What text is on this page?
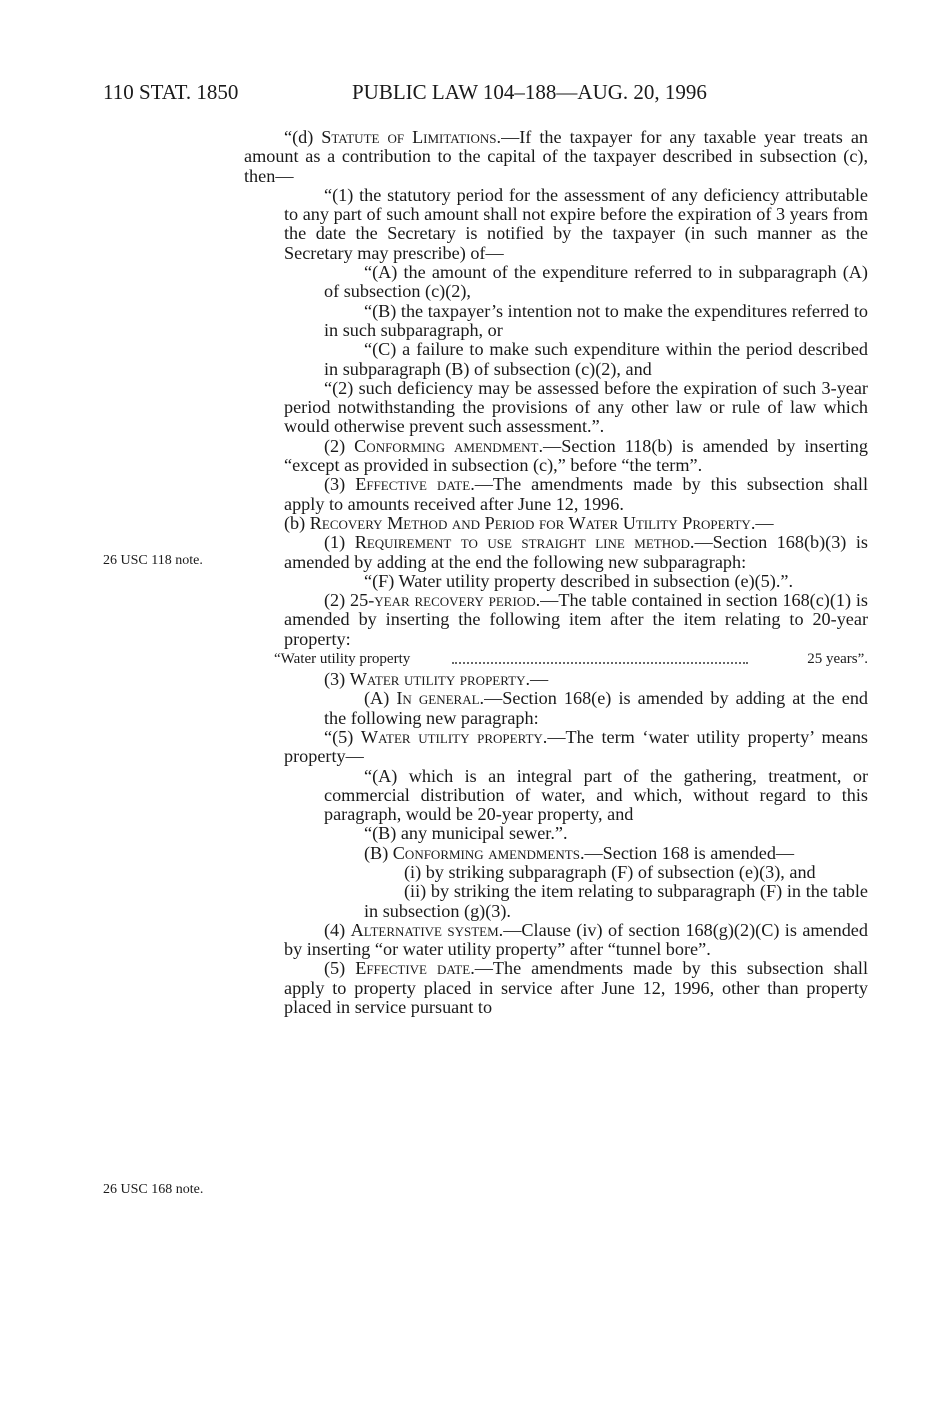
110 STAT. 1850	PUBLIC LAW 104–188—AUG. 20, 1996
26 USC 118 note.
26 USC 168 note.

“(d) Statute of Limitations.—If the taxpayer for any taxable year treats an amount as a contribution to the capital of the taxpayer described in subsection (c), then—

“(1) the statutory period for the assessment of any deficiency attributable to any part of such amount shall not expire before the expiration of 3 years from the date the Secretary is notified by the taxpayer (in such manner as the Secretary may prescribe) of—

“(A) the amount of the expenditure referred to in subparagraph (A) of subsection (c)(2),

“(B) the taxpayer’s intention not to make the expenditures referred to in such subparagraph, or

“(C) a failure to make such expenditure within the period described in subparagraph (B) of subsection (c)(2), and

“(2) such deficiency may be assessed before the expiration of such 3-year period notwithstanding the provisions of any other law or rule of law which would otherwise prevent such assessment.”.

(2) Conforming amendment.—Section 118(b) is amended by inserting “except as provided in subsection (c),” before “the term”.

(3) Effective date.—The amendments made by this subsection shall apply to amounts received after June 12, 1996.

(b) Recovery Method and Period for Water Utility Property.—

(1) Requirement to use straight line method.—Section 168(b)(3) is amended by adding at the end the following new subparagraph:

“(F) Water utility property described in subsection (e)(5).”.

(2) 25-year recovery period.—The table contained in section 168(c)(1) is amended by inserting the following item after the item relating to 20-year property:

“Water utility property	25 years”.

(3) Water utility property.—

(A) In general.—Section 168(e) is amended by adding at the end the following new paragraph:

“(5) Water utility property.—The term ‘water utility property’ means property—

“(A) which is an integral part of the gathering, treatment, or commercial distribution of water, and which, without regard to this paragraph, would be 20-year property, and

“(B) any municipal sewer.”.

(B) Conforming amendments.—Section 168 is amended—

(i) by striking subparagraph (F) of subsection (e)(3), and

(ii) by striking the item relating to subparagraph (F) in the table in subsection (g)(3).

(4) Alternative system.—Clause (iv) of section 168(g)(2)(C) is amended by inserting “or water utility property” after “tunnel bore”.

(5) Effective date.—The amendments made by this subsection shall apply to property placed in service after June 12, 1996, other than property placed in service pursuant to
